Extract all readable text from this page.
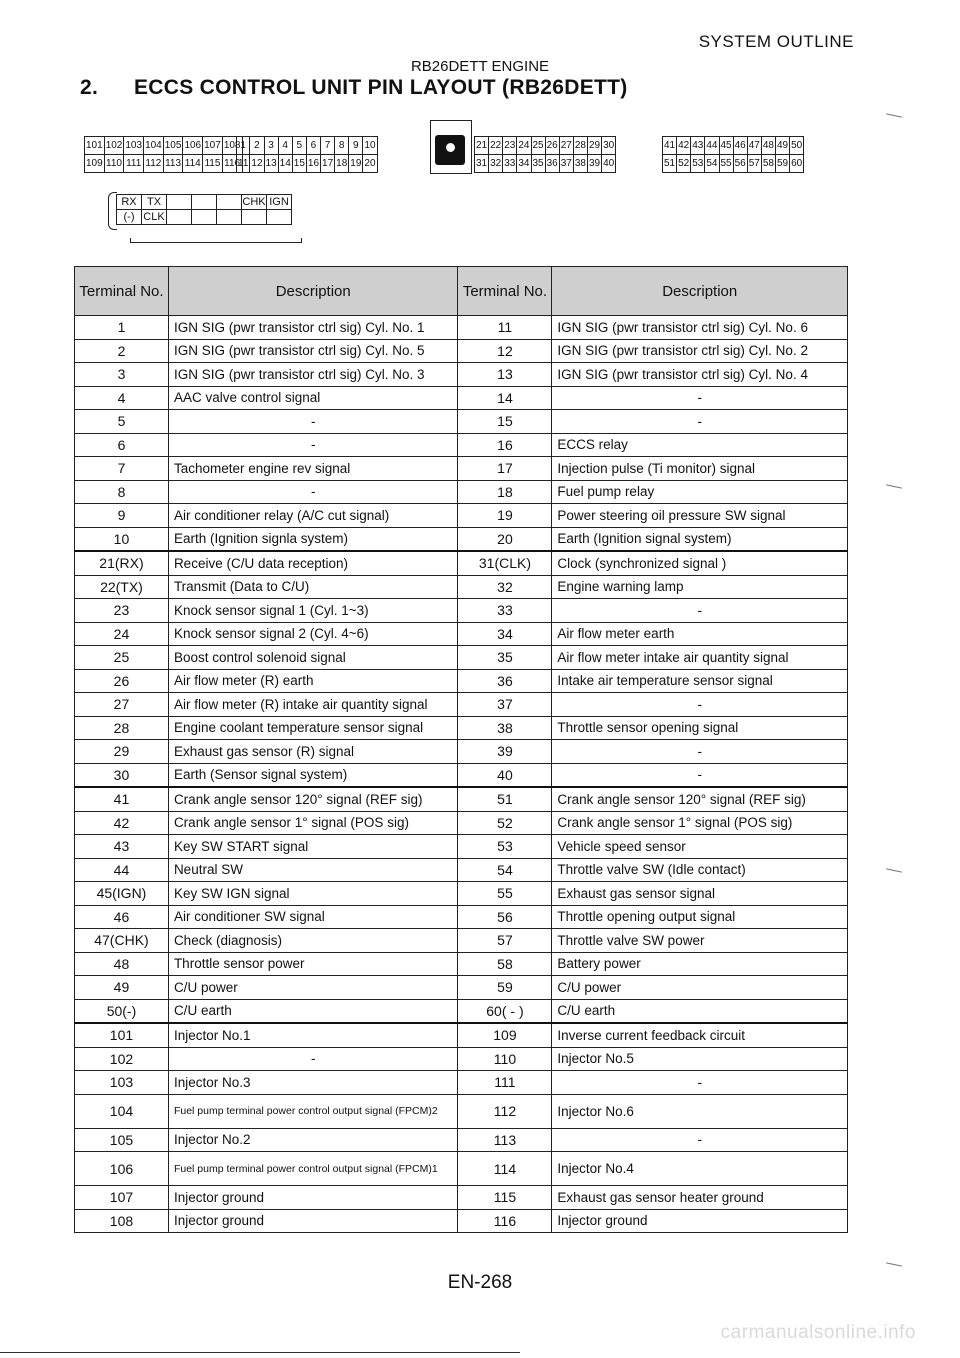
SYSTEM OUTLINE
RB26DETT ENGINE
2. ECCS CONTROL UNIT PIN LAYOUT (RB26DETT)
101	102	103	104	105	106	107	108
109	110	111	112	113	114	115	116
1	2	3	4	5	6	7	8	9	10
11	12	13	14	15	16	17	18	19	20
21	22	23	24	25	26	27	28	29	30
31	32	33	34	35	36	37	38	39	40
41	42	43	44	45	46	47	48	49	50
51	52	53	54	55	56	57	58	59	60
RX	TX				CHK	IGN
(-)	CLK					
Terminal No.	Description	Terminal No.	Description
1	IGN SIG (pwr transistor ctrl sig) Cyl. No. 1	11	IGN SIG (pwr transistor ctrl sig) Cyl. No. 6
2	IGN SIG (pwr transistor ctrl sig) Cyl. No. 5	12	IGN SIG (pwr transistor ctrl sig) Cyl. No. 2
3	IGN SIG (pwr transistor ctrl sig) Cyl. No. 3	13	IGN SIG (pwr transistor ctrl sig) Cyl. No. 4
4	AAC valve control signal	14	-
5	-	15	-
6	-	16	ECCS relay
7	Tachometer engine rev signal	17	Injection pulse (Ti monitor) signal
8	-	18	Fuel pump relay
9	Air conditioner relay (A/C cut signal)	19	Power steering oil pressure SW signal
10	Earth (Ignition signla system)	20	Earth (Ignition signal system)
21(RX)	Receive (C/U data reception)	31(CLK)	Clock (synchronized signal )
22(TX)	Transmit (Data to C/U)	32	Engine warning lamp
23	Knock sensor signal 1 (Cyl. 1~3)	33	-
24	Knock sensor signal 2 (Cyl. 4~6)	34	Air flow meter earth
25	Boost control solenoid signal	35	Air flow meter intake air quantity signal
26	Air flow meter (R) earth	36	Intake air temperature sensor signal
27	Air flow meter (R) intake air quantity signal	37	-
28	Engine coolant temperature sensor signal	38	Throttle sensor opening signal
29	Exhaust gas sensor (R) signal	39	-
30	Earth (Sensor signal system)	40	-
41	Crank angle sensor 120° signal (REF sig)	51	Crank angle sensor 120° signal (REF sig)
42	Crank angle sensor 1° signal (POS sig)	52	Crank angle sensor 1° signal (POS sig)
43	Key SW START signal	53	Vehicle speed sensor
44	Neutral SW	54	Throttle valve SW (Idle contact)
45(IGN)	Key SW IGN signal	55	Exhaust gas sensor signal
46	Air conditioner SW signal	56	Throttle opening output signal
47(CHK)	Check (diagnosis)	57	Throttle valve SW power
48	Throttle sensor power	58	Battery power
49	C/U power	59	C/U power
50(-)	C/U earth	60( - )	C/U earth
101	Injector No.1	109	Inverse current feedback circuit
102	-	110	Injector No.5
103	Injector No.3	111	-
104	Fuel pump terminal power control output signal (FPCM)2	112	Injector No.6
105	Injector No.2	113	-
106	Fuel pump terminal power control output signal (FPCM)1	114	Injector No.4
107	Injector ground	115	Exhaust gas sensor heater ground
108	Injector ground	116	Injector ground
EN-268
carmanualsonline.info
